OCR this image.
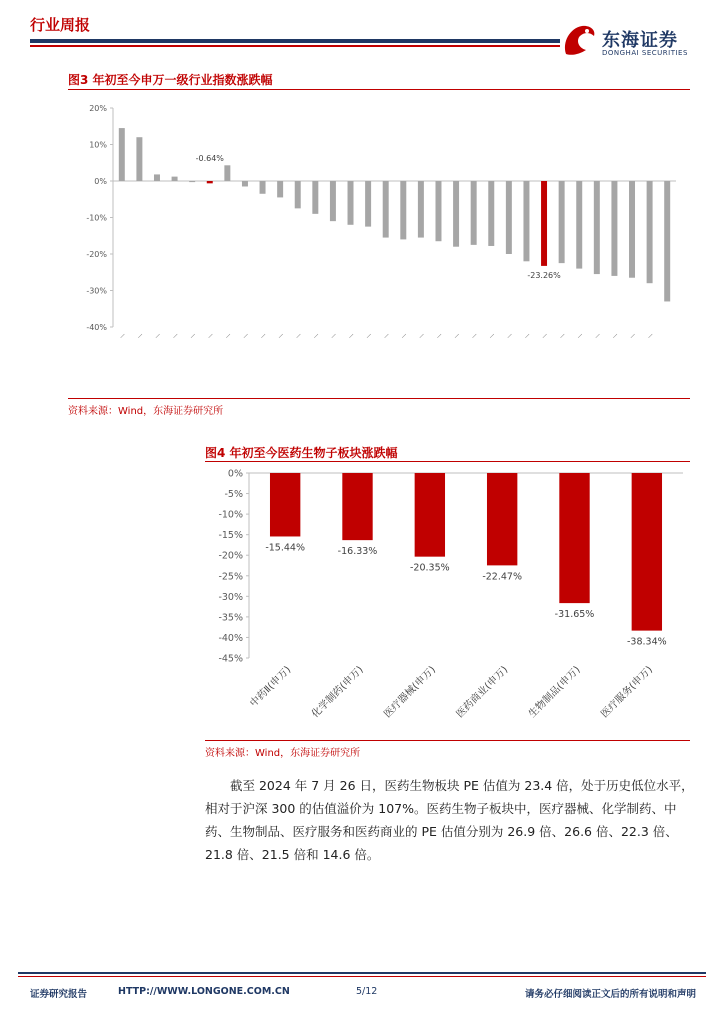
行业周报
东海证券
DONGHAI SECURITIES
图3 年初至今申万一级行业指数涨跌幅
20%
10%
0%
-10%
-20%
-30%
-40%
-0.64%
-23.26%
— — — — — — — — — — — — — — — — — — — — — — — — — — — — — — —
资料来源：Wind，东海证券研究所
图4 年初至今医药生物子板块涨跌幅
0%
-5%
-10%
-15%
-20%
-25%
-30%
-35%
-40%
-45%
-15.44%	-16.33%
-20.35%
-22.47%
-31.65%
-38.34%
中药Ⅱ(申万) 化学制药(申万) 医疗器械(申万) 医药商业(申万) 生物制品(申万) 医疗服务(申万)
资料来源：Wind，东海证券研究所
截至 2024 年 7 月 26 日，医药生物板块 PE 估值为 23.4 倍，处于历史低位水平，相对于沪深 300 的估值溢价为 107%。医药生物子板块中，医疗器械、化学制药、中药、生物制品、医疗服务和医药商业的 PE 估值分别为 26.9 倍、26.6 倍、22.3 倍、21.8 倍、21.5 倍和 14.6 倍。
证券研究报告	HTTP://WWW.LONGONE.COM.CN	5/12	请务必仔细阅读正文后的所有说明和声明
